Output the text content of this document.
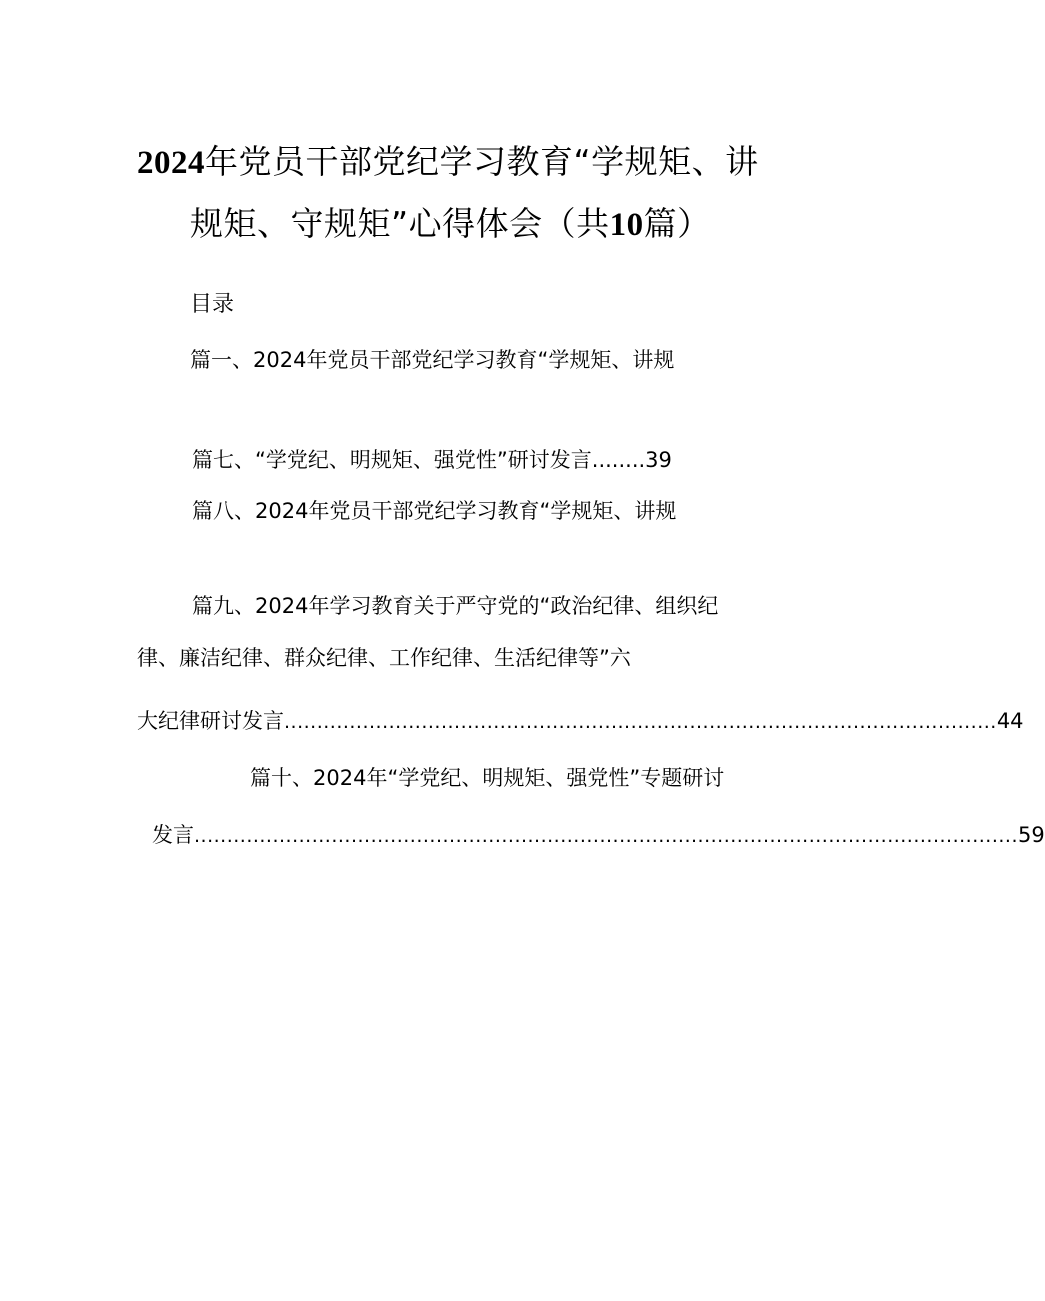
2024年党员干部党纪学习教育“学规矩、讲
规矩、守规矩”心得体会（共10篇）
目录
篇一、2024年党员干部党纪学习教育“学规矩、讲规
篇七、“学党纪、明规矩、强党性”研讨发言........39
篇八、2024年党员干部党纪学习教育“学规矩、讲规
篇九、2024年学习教育关于严守党的“政治纪律、组织纪
律、廉洁纪律、群众纪律、工作纪律、生活纪律等”六
大纪律研讨发言 ............................................................................................................. 44
篇十、2024年“学党纪、明规矩、强党性”专题研讨
发言 .............................................................................................................................. 59
